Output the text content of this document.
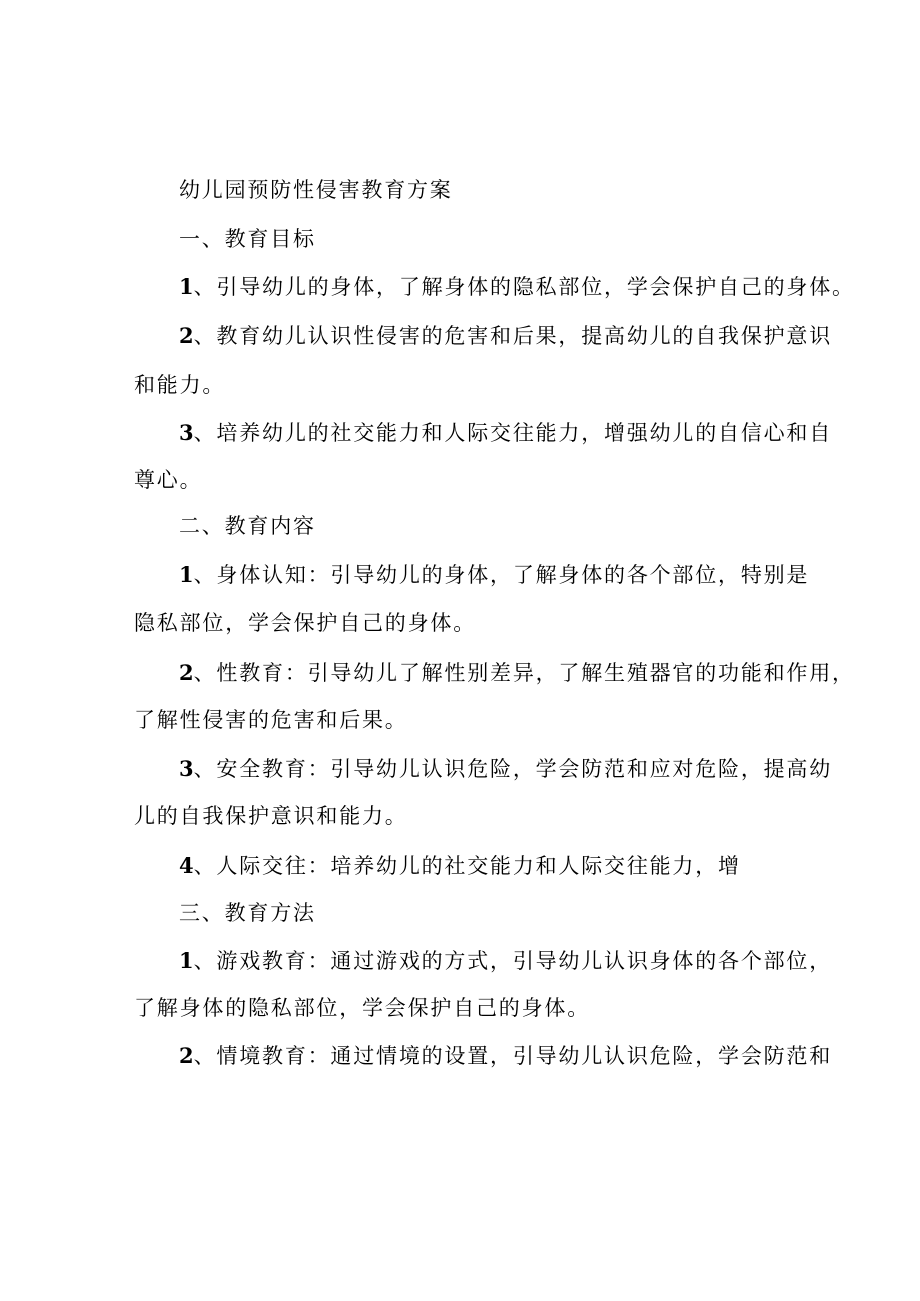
幼儿园预防性侵害教育方案

一、教育目标

1、引导幼儿的身体，了解身体的隐私部位，学会保护自己的身体。

2、教育幼儿认识性侵害的危害和后果，提高幼儿的自我保护意识

和能力。

3、培养幼儿的社交能力和人际交往能力，增强幼儿的自信心和自

尊心。

二、教育内容

1、身体认知：引导幼儿的身体，了解身体的各个部位，特别是

隐私部位，学会保护自己的身体。

2、性教育：引导幼儿了解性别差异，了解生殖器官的功能和作用，

了解性侵害的危害和后果。

3、安全教育：引导幼儿认识危险，学会防范和应对危险，提高幼

儿的自我保护意识和能力。

4、人际交往：培养幼儿的社交能力和人际交往能力，增

三、教育方法

1、游戏教育：通过游戏的方式，引导幼儿认识身体的各个部位，

了解身体的隐私部位，学会保护自己的身体。

2、情境教育：通过情境的设置，引导幼儿认识危险，学会防范和
